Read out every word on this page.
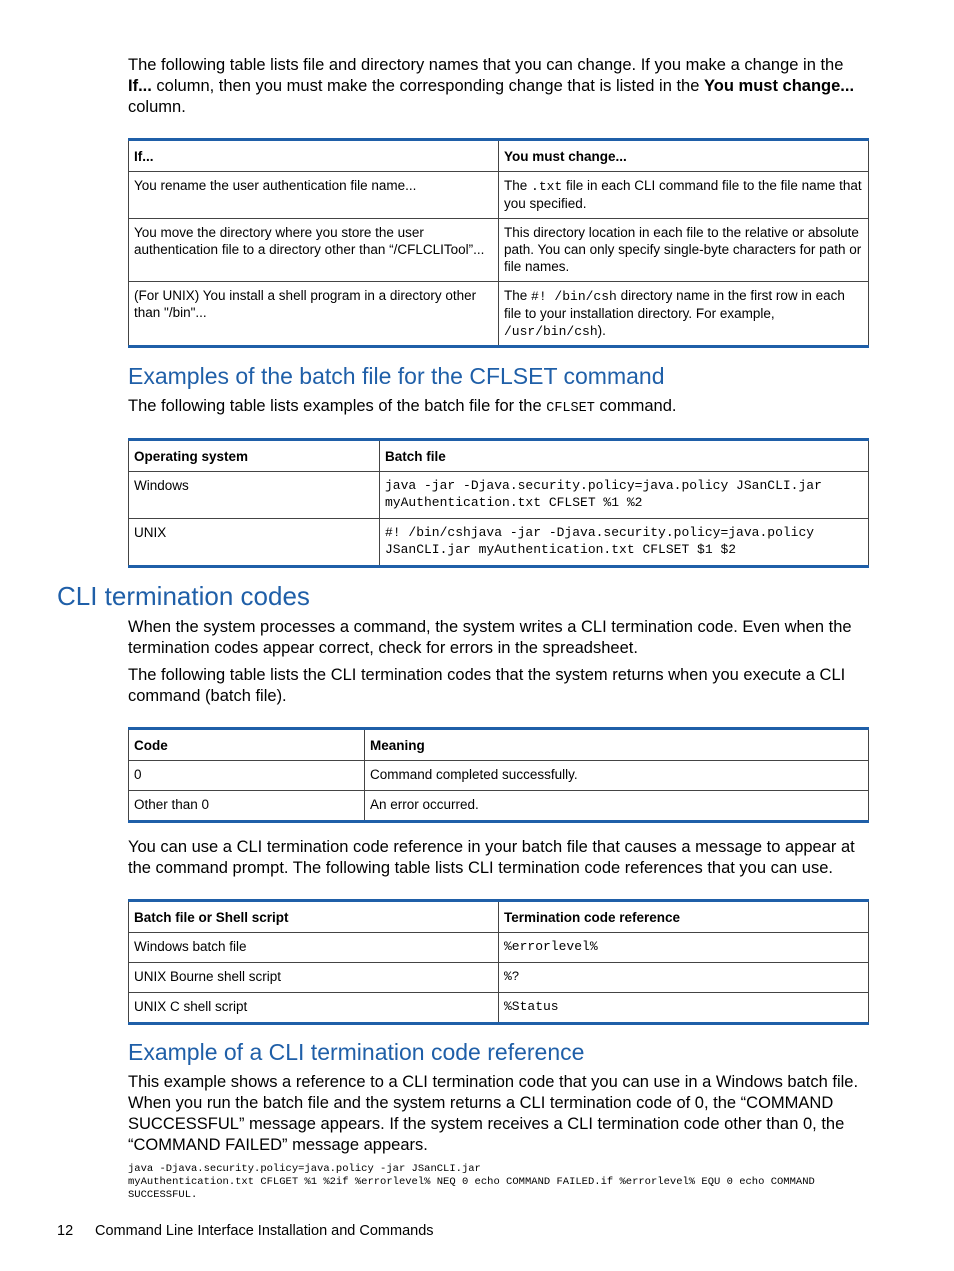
The following table lists file and directory names that you can change. If you make a change in the If... column, then you must make the corresponding change that is listed in the You must change... column.

If...	You must change...
You rename the user authentication file name...	The .txt file in each CLI command file to the file name that you specified.
You move the directory where you store the user authentication file to a directory other than “/CFLCLITool”...	This directory location in each file to the relative or absolute path. You can only specify single-byte characters for path or file names.
(For UNIX) You install a shell program in a directory other than "/bin"...	The #! /bin/csh directory name in the first row in each file to your installation directory. For example, /usr/bin/csh).
Examples of the batch file for the CFLSET command

The following table lists examples of the batch file for the CFLSET command.

Operating system	Batch file
Windows	java -jar -Djava.security.policy=java.policy JSanCLI.jar myAuthentication.txt CFLSET %1 %2
UNIX	#! /bin/cshjava -jar -Djava.security.policy=java.policy JSanCLI.jar myAuthentication.txt CFLSET $1 $2
CLI termination codes

When the system processes a command, the system writes a CLI termination code. Even when the termination codes appear correct, check for errors in the spreadsheet.

The following table lists the CLI termination codes that the system returns when you execute a CLI command (batch file).

Code	Meaning
0	Command completed successfully.
Other than 0	An error occurred.

You can use a CLI termination code reference in your batch file that causes a message to appear at the command prompt. The following table lists CLI termination code references that you can use.

Batch file or Shell script	Termination code reference
Windows batch file	%errorlevel%
UNIX Bourne shell script	%?
UNIX C shell script	%Status
Example of a CLI termination code reference

This example shows a reference to a CLI termination code that you can use in a Windows batch file. When you run the batch file and the system returns a CLI termination code of 0, the “COMMAND SUCCESSFUL” message appears. If the system receives a CLI termination code other than 0, the “COMMAND FAILED” message appears.

java -Djava.security.policy=java.policy -jar JSanCLI.jar
myAuthentication.txt CFLGET %1 %2if %errorlevel% NEQ 0 echo COMMAND FAILED.if %errorlevel% EQU 0 echo COMMAND
SUCCESSFUL.
12 Command Line Interface Installation and Commands
